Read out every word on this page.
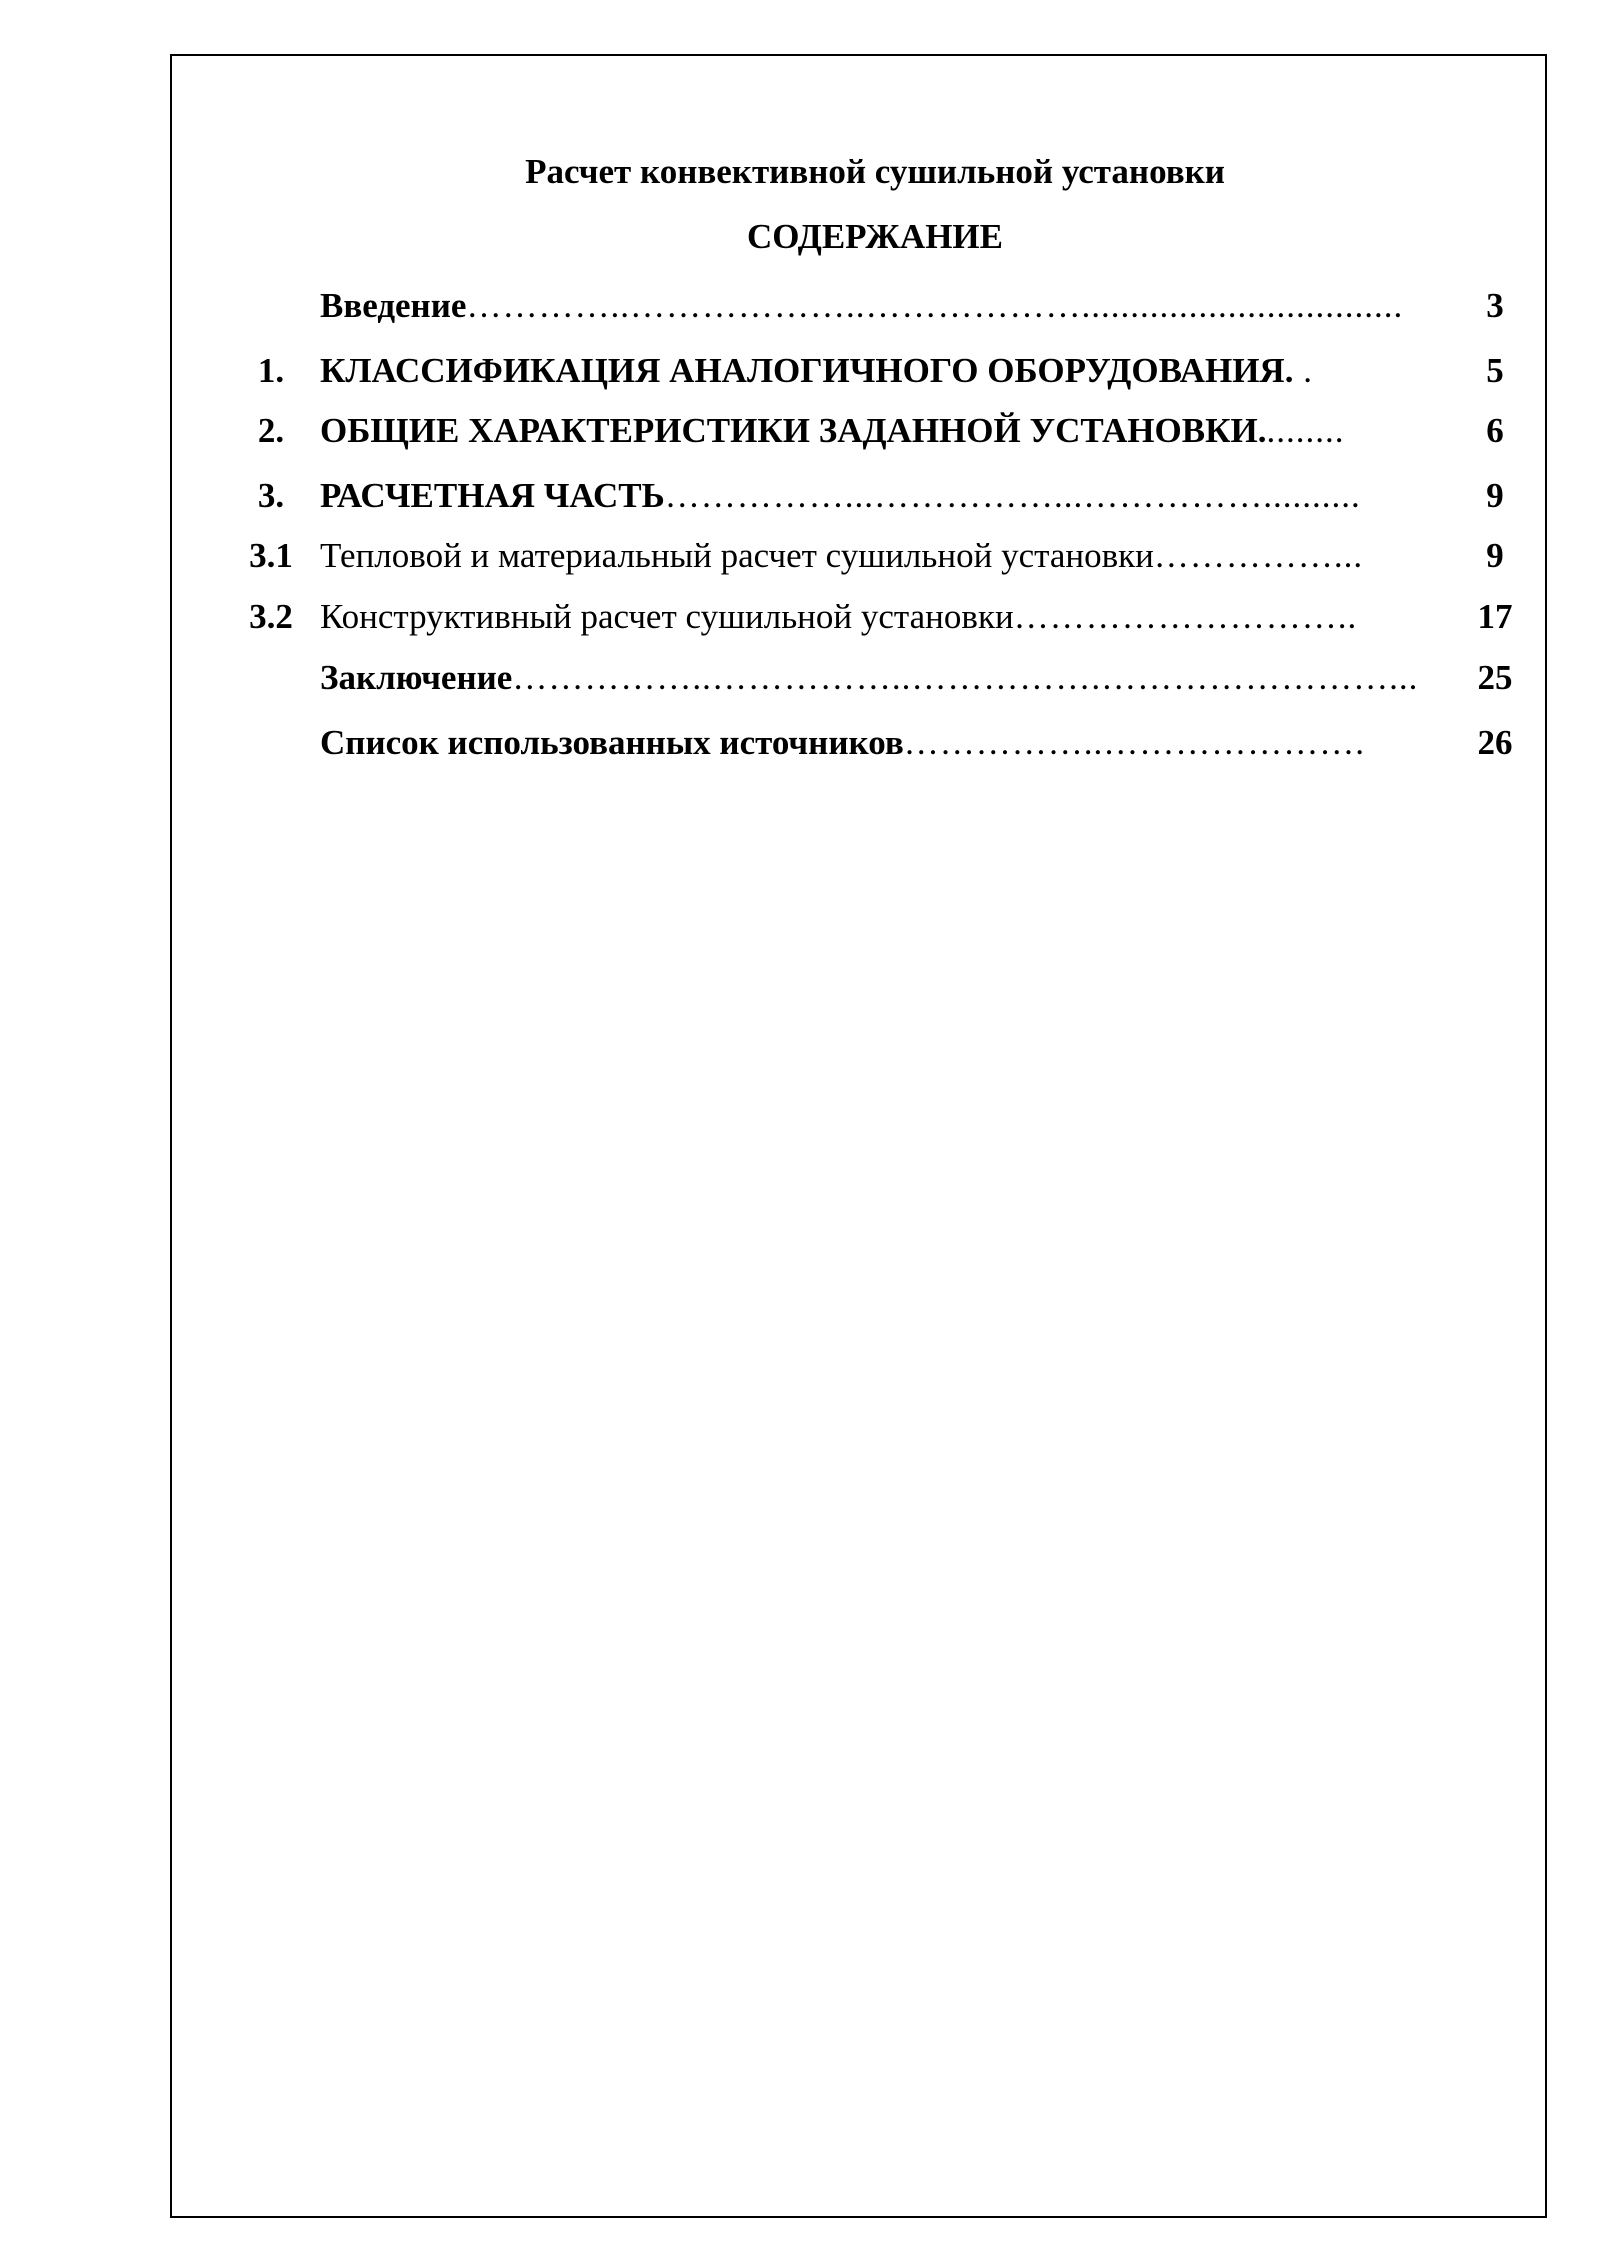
Расчет конвективной сушильной установки
СОДЕРЖАНИЕ
Введение…………..………………..……………….................................	3
1.	КЛАССИФИКАЦИЯ АНАЛОГИЧНОГО ОБОРУДОВАНИЯ. .	5
2.	ОБЩИЕ ХАРАКТЕРИСТИКИ ЗАДАННОЙ УСТАНОВКИ.........	6
3.	РАСЧЕТНАЯ ЧАСТЬ……………...……………...……………..........	9
3.1 Тепловой и материальный расчет сушильной установки……………...	9
3.2 Конструктивный расчет сушильной установки………………………..	17
Заключение……………..……………..…………….……………………...	25
Список использованных источников……………..………………….	26
